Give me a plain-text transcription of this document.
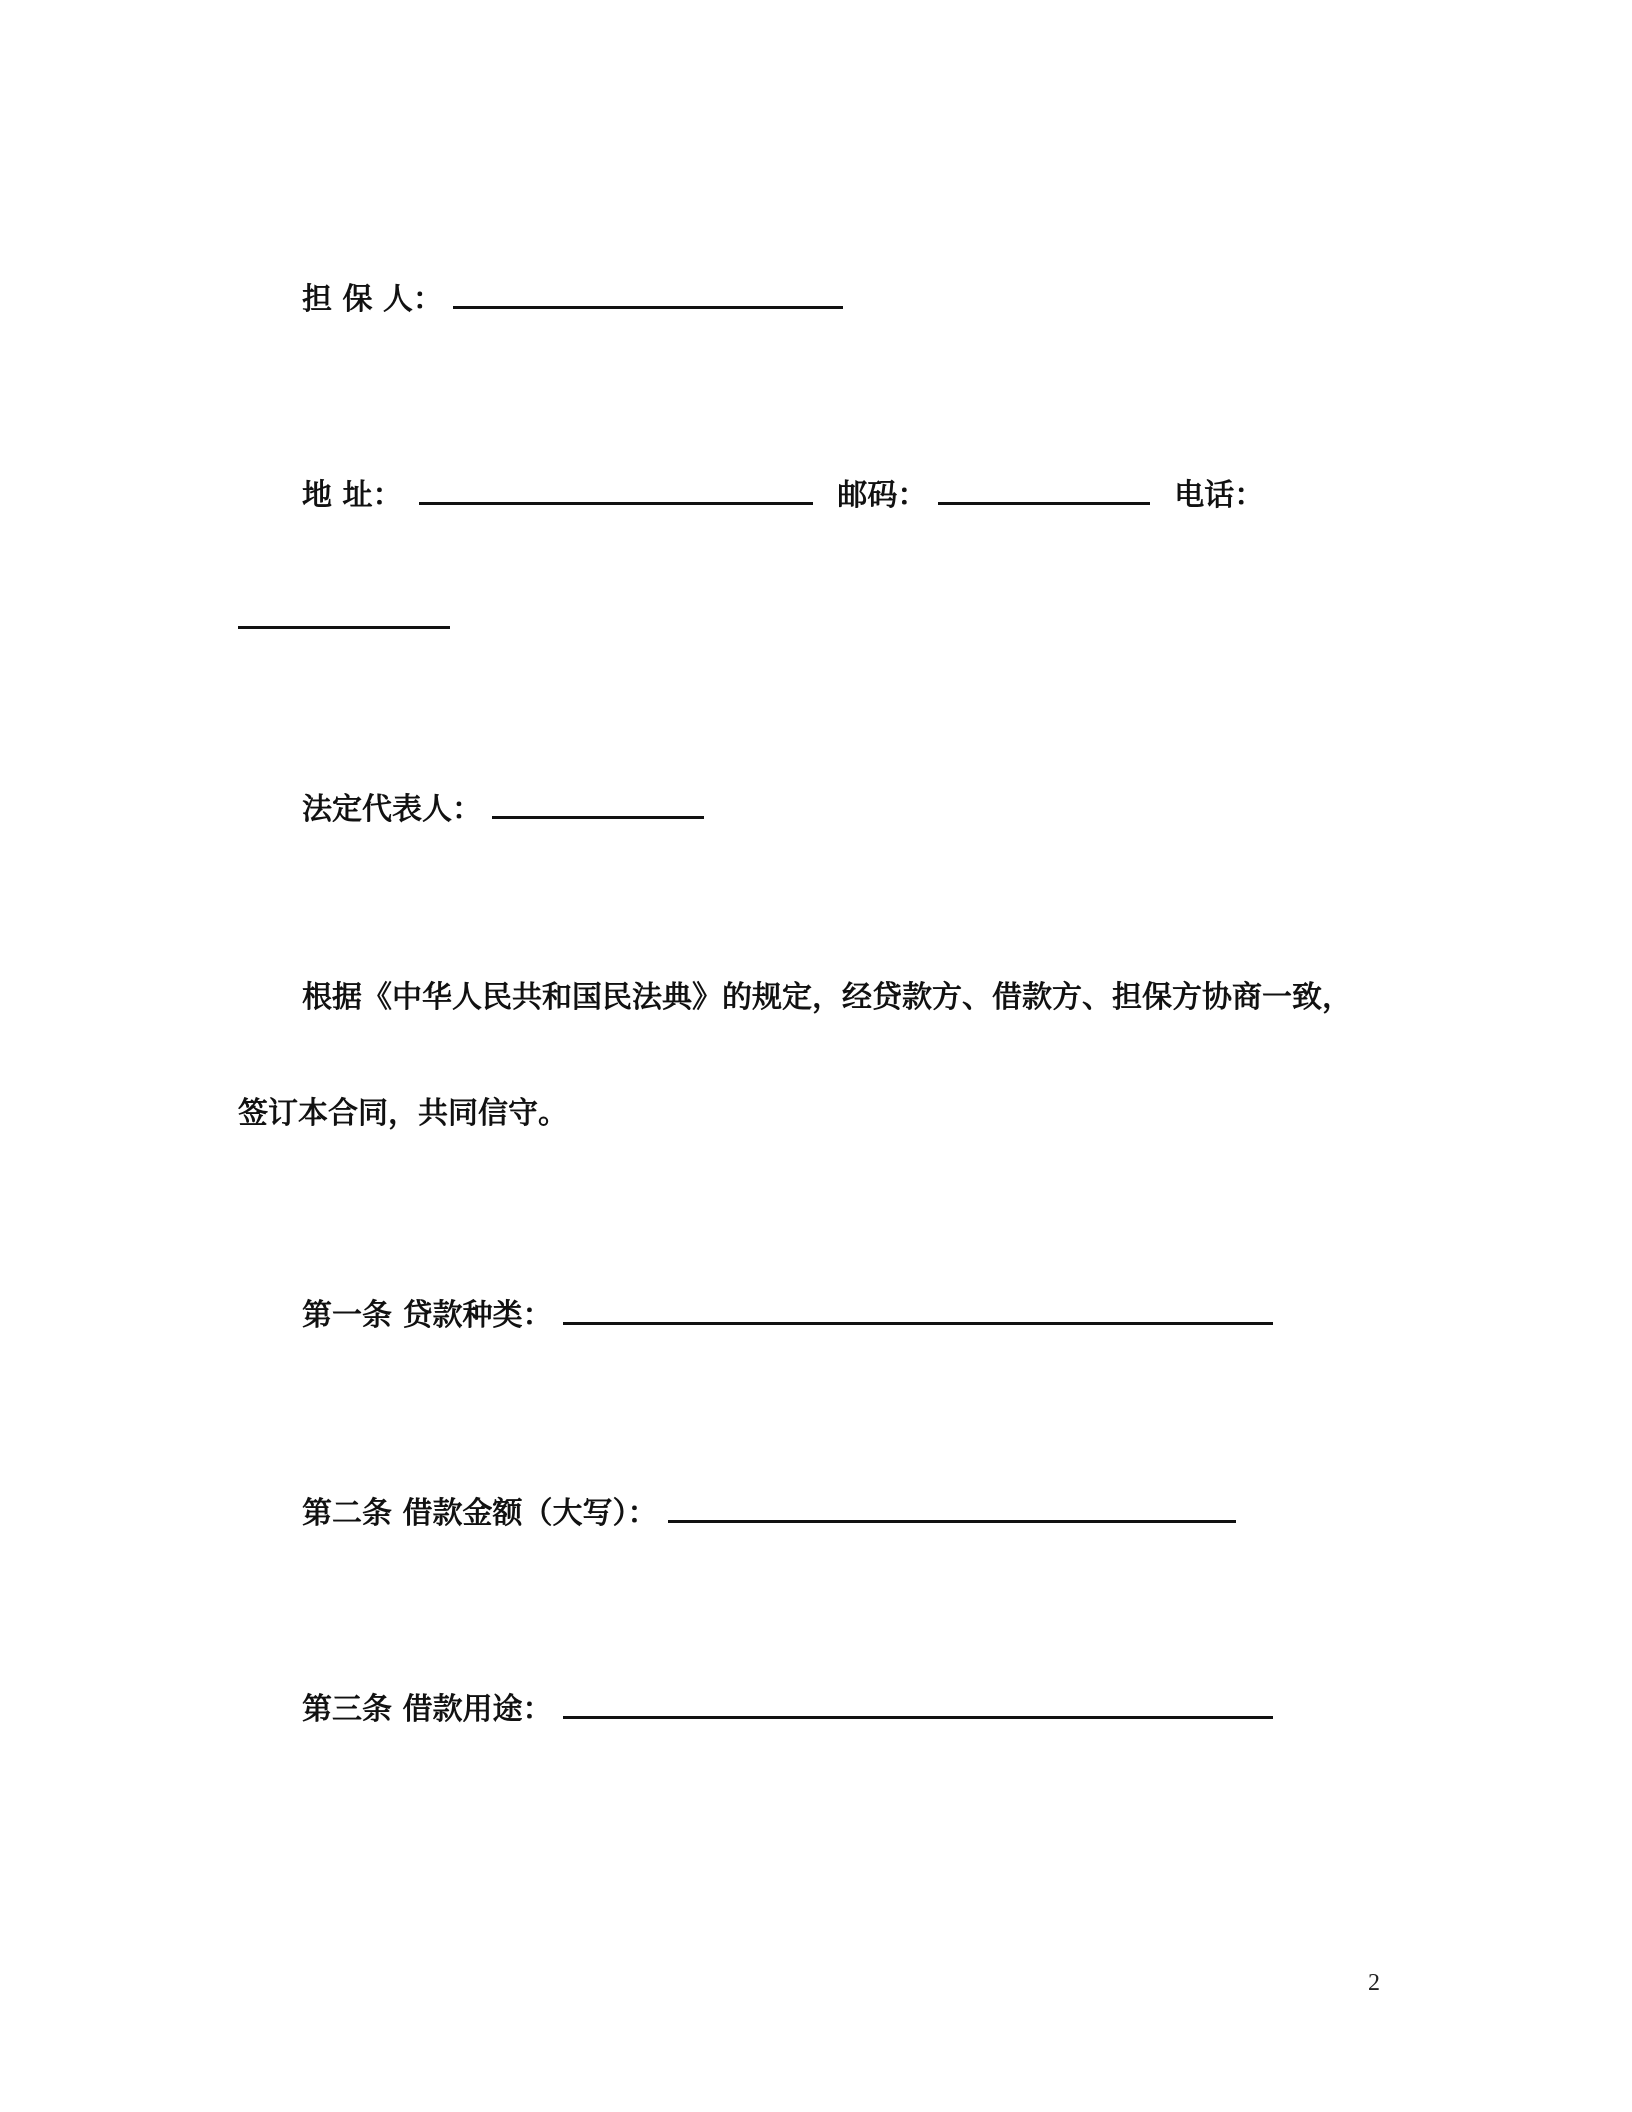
担 保 人：
地 址：	邮码：	电话：
法定代表人：
根据《中华人民共和国民法典》的规定，经贷款方、借款方、担保方协商一致，
签订本合同，共同信守。
第一条 贷款种类：
第二条 借款金额（大写）：
第三条 借款用途：
2
